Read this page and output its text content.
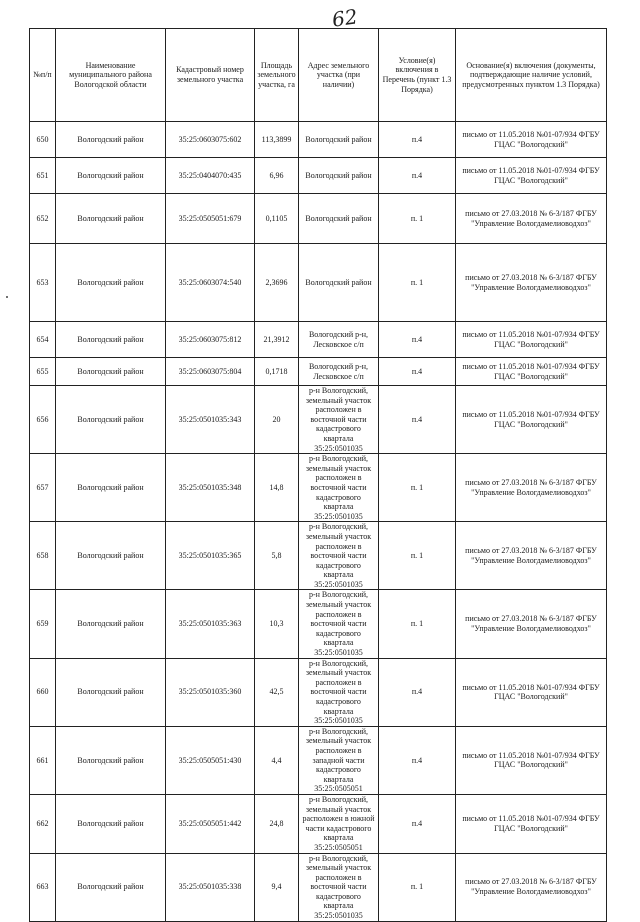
62
№п/п	Наименование муниципального района Вологодской области	Кадастровый номер земельного участка	Площадь земельного участка, га	Адрес земельного участка (при наличии)	Условие(я) включения в Перечень (пункт 1.3 Порядка)	Основание(я) включения (документы, подтверждающие наличие условий, предусмотренных пунктом 1.3 Порядка)
650	Вологодский район	35:25:0603075:602	113,3899	Вологодский район	п.4	письмо от 11.05.2018 №01-07/934 ФГБУ ГЦАС "Вологодский"
651	Вологодский район	35:25:0404070:435	6,96	Вологодский район	п.4	письмо от 11.05.2018 №01-07/934 ФГБУ ГЦАС "Вологодский"
652	Вологодский район	35:25:0505051:679	0,1105	Вологодский район	п. 1	письмо от 27.03.2018 № 6-3/187 ФГБУ "Управление Вологдамелиоводхоз"
653	Вологодский район	35:25:0603074:540	2,3696	Вологодский район	п. 1	письмо от 27.03.2018 № 6-3/187 ФГБУ "Управление Вологдамелиоводхоз"
654	Вологодский район	35:25:0603075:812	21,3912	Вологодский р-н, Лесковское с/п	п.4	письмо от 11.05.2018 №01-07/934 ФГБУ ГЦАС "Вологодский"
655	Вологодский район	35:25:0603075:804	0,1718	Вологодский р-н, Лесковское с/п	п.4	письмо от 11.05.2018 №01-07/934 ФГБУ ГЦАС "Вологодский"
656	Вологодский район	35:25:0501035:343	20	р-н Вологодский, земельный участок расположен в восточной части кадастрового квартала 35:25:0501035	п.4	письмо от 11.05.2018 №01-07/934 ФГБУ ГЦАС "Вологодский"
657	Вологодский район	35:25:0501035:348	14,8	р-н Вологодский, земельный участок расположен в восточной части кадастрового квартала 35:25:0501035	п. 1	письмо от 27.03.2018 № 6-3/187 ФГБУ "Управление Вологдамелиоводхоз"
658	Вологодский район	35:25:0501035:365	5,8	р-н Вологодский, земельный участок расположен в восточной части кадастрового квартала 35:25:0501035	п. 1	письмо от 27.03.2018 № 6-3/187 ФГБУ "Управление Вологдамелиоводхоз"
659	Вологодский район	35:25:0501035:363	10,3	р-н Вологодский, земельный участок расположен в восточной части кадастрового квартала 35:25:0501035	п. 1	письмо от 27.03.2018 № 6-3/187 ФГБУ "Управление Вологдамелиоводхоз"
660	Вологодский район	35:25:0501035:360	42,5	р-н Вологодский, земельный участок расположен в восточной части кадастрового квартала 35:25:0501035	п.4	письмо от 11.05.2018 №01-07/934 ФГБУ ГЦАС "Вологодский"
661	Вологодский район	35:25:0505051:430	4,4	р-н Вологодский, земельный участок расположен в западной части кадастрового квартала 35:25:0505051	п.4	письмо от 11.05.2018 №01-07/934 ФГБУ ГЦАС "Вологодский"
662	Вологодский район	35:25:0505051:442	24,8	р-н Вологодский, земельный участок расположен в южной части кадастрового квартала 35:25:0505051	п.4	письмо от 11.05.2018 №01-07/934 ФГБУ ГЦАС "Вологодский"
663	Вологодский район	35:25:0501035:338	9,4	р-н Вологодский, земельный участок расположен в восточной части кадастрового квартала 35:25:0501035	п. 1	письмо от 27.03.2018 № 6-3/187 ФГБУ "Управление Вологдамелиоводхоз"
